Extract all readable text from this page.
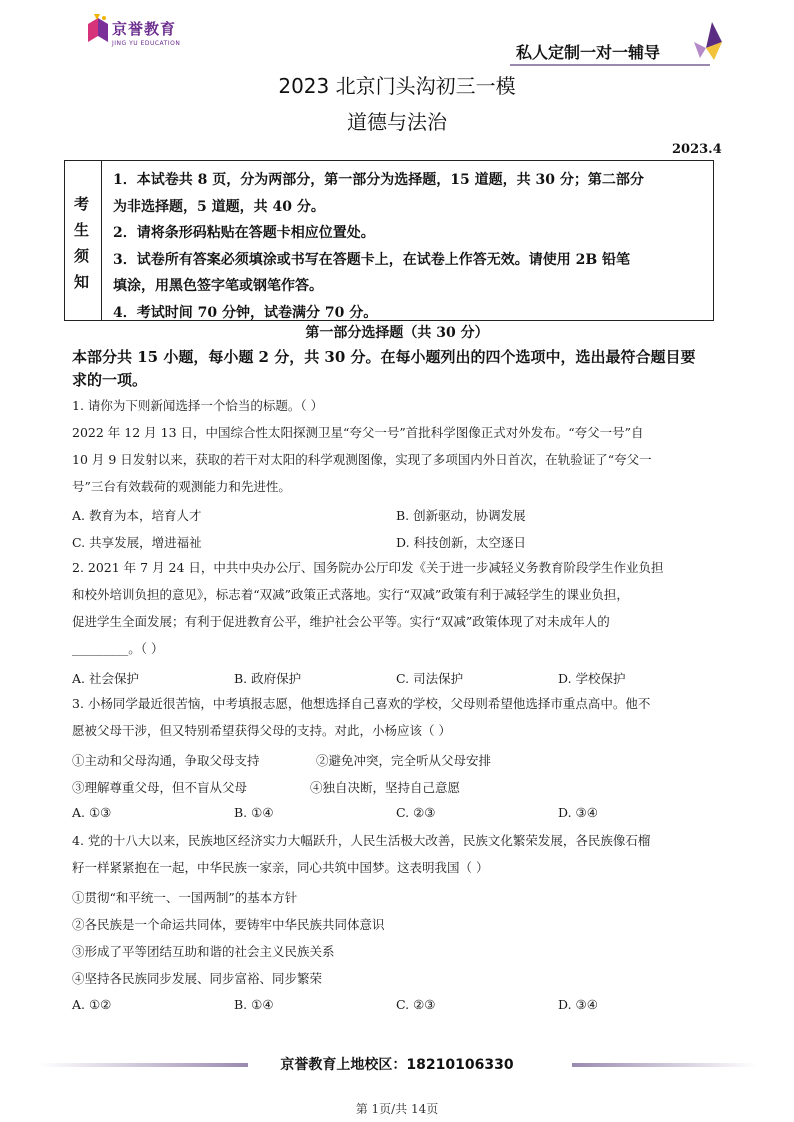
京誉教育
JING YU EDUCATION	私人定制一对一辅导
2023 北京门头沟初三一模
道德与法治
2023.4
考
生
须
知
1．本试卷共 8 页，分为两部分，第一部分为选择题，15 道题，共 30 分；第二部分
为非选择题，5 道题，共 40 分。
2．请将条形码粘贴在答题卡相应位置处。
3．试卷所有答案必须填涂或书写在答题卡上，在试卷上作答无效。请使用 2B 铅笔
填涂，用黑色签字笔或钢笔作答。
4．考试时间 70 分钟，试卷满分 70 分。
第一部分选择题（共 30 分）
本部分共 15 小题，每小题 2 分，共 30 分。在每小题列出的四个选项中，选出最符合题目要
求的一项。
1. 请你为下则新闻选择一个恰当的标题。（ ）
2022 年 12 月 13 日，中国综合性太阳探测卫星“夸父一号”首批科学图像正式对外发布。“夸父一号”自
10 月 9 日发射以来，获取的若干对太阳的科学观测图像，实现了多项国内外日首次，在轨验证了“夸父一
号”三台有效载荷的观测能力和先进性。
A. 教育为本，培育人才	B. 创新驱动，协调发展
C. 共享发展，增进福祉	D. 科技创新，太空逐日
2. 2021 年 7 月 24 日，中共中央办公厅、国务院办公厅印发《关于进一步减轻义务教育阶段学生作业负担
和校外培训负担的意见》，标志着“双减”政策正式落地。实行“双减”政策有利于减轻学生的课业负担，
促进学生全面发展；有利于促进教育公平，维护社会公平等。实行“双减”政策体现了对未成年人的
_________。（ ）
A. 社会保护	B. 政府保护	C. 司法保护	D. 学校保护
3. 小杨同学最近很苦恼，中考填报志愿，他想选择自己喜欢的学校，父母则希望他选择市重点高中。他不
愿被父母干涉，但又特别希望获得父母的支持。对此，小杨应该（ ）
①主动和父母沟通，争取父母支持	②避免冲突，完全听从父母安排
③理解尊重父母，但不盲从父母	④独自决断，坚持自己意愿
A. ①③	B. ①④	C. ②③	D. ③④
4. 党的十八大以来，民族地区经济实力大幅跃升，人民生活极大改善，民族文化繁荣发展，各民族像石榴
籽一样紧紧抱在一起，中华民族一家亲，同心共筑中国梦。这表明我国（ ）
①贯彻“和平统一、一国两制”的基本方针
②各民族是一个命运共同体，要铸牢中华民族共同体意识
③形成了平等团结互助和谐的社会主义民族关系
④坚持各民族同步发展、同步富裕、同步繁荣
A. ①②	B. ①④	C. ②③	D. ③④
京誉教育上地校区：18210106330
第 1页/共 14页
